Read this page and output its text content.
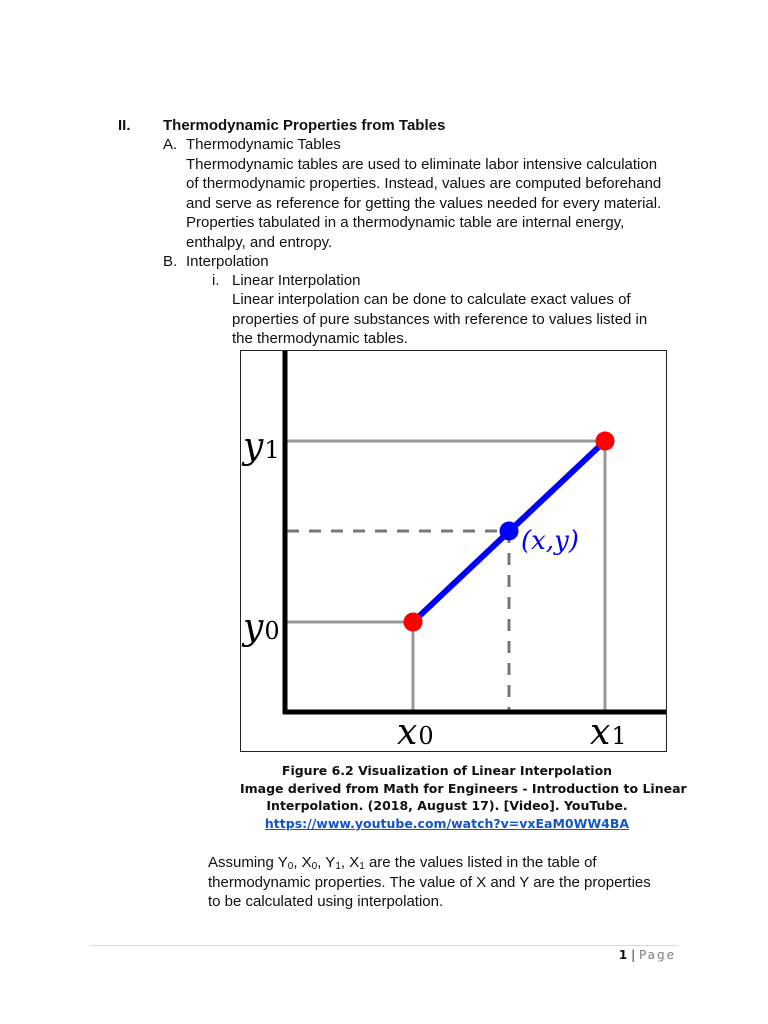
II. Thermodynamic Properties from Tables
A. Thermodynamic Tables
Thermodynamic tables are used to eliminate labor intensive calculation
of thermodynamic properties. Instead, values are computed beforehand
and serve as reference for getting the values needed for every material.
Properties tabulated in a thermodynamic table are internal energy,
enthalpy, and entropy.
B. Interpolation
i. Linear Interpolation
Linear interpolation can be done to calculate exact values of
properties of pure substances with reference to values listed in
the thermodynamic tables.
y1
y0
x0	x1
(x,y)
Figure 6.2 Visualization of Linear Interpolation
Image derived from Math for Engineers - Introduction to Linear
Interpolation. (2018, August 17). [Video]. YouTube.
https://www.youtube.com/watch?v=vxEaM0WW4BA
Assuming $Y_0$, $X_0$, $Y_1$, $X_1$ are the values listed in the table of
thermodynamic properties. The value of X and Y are the properties
to be calculated using interpolation.
1 | Page
